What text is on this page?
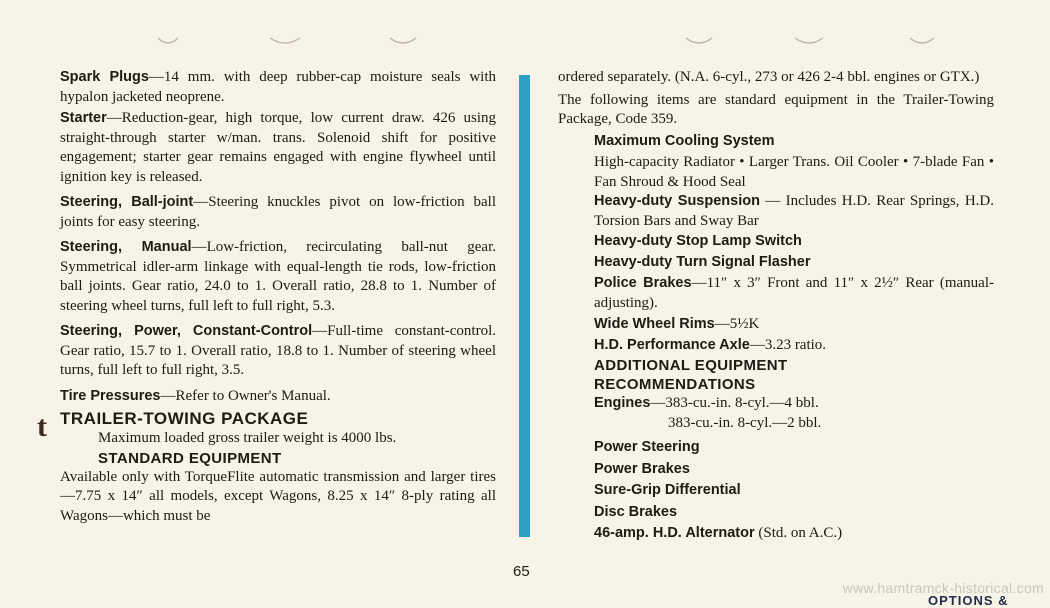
Spark Plugs—14 mm. with deep rubber-cap moisture seals with hypalon jacketed neoprene.
Starter—Reduction-gear, high torque, low current draw. 426 using straight-through starter w/man. trans. Solenoid shift for positive engagement; starter gear remains engaged with engine flywheel until ignition key is released.
Steering, Ball-joint—Steering knuckles pivot on low-friction ball joints for easy steering.
Steering, Manual—Low-friction, recirculating ball-nut gear. Symmetrical idler-arm linkage with equal-length tie rods, low-friction ball joints. Gear ratio, 24.0 to 1. Overall ratio, 28.8 to 1. Number of steering wheel turns, full left to full right, 5.3.
Steering, Power, Constant-Control—Full-time constant-control. Gear ratio, 15.7 to 1. Overall ratio, 18.8 to 1. Number of steering wheel turns, full left to full right, 3.5.
Tire Pressures—Refer to Owner's Manual.
TRAILER-TOWING PACKAGE
Maximum loaded gross trailer weight is 4000 lbs.
STANDARD EQUIPMENT
Available only with TorqueFlite automatic transmission and larger tires—7.75 x 14″ all models, except Wagons, 8.25 x 14″ 8-ply rating all Wagons—which must be
t
ordered separately. (N.A. 6-cyl., 273 or 426 2-4 bbl. engines or GTX.)
The following items are standard equipment in the Trailer-Towing Package, Code 359.
Maximum Cooling System
High-capacity Radiator • Larger Trans. Oil Cooler • 7-blade Fan • Fan Shroud & Hood Seal
Heavy-duty Suspension — Includes H.D. Rear Springs, H.D. Torsion Bars and Sway Bar
Heavy-duty Stop Lamp Switch
Heavy-duty Turn Signal Flasher
Police Brakes—11″ x 3″ Front and 11″ x 2½″ Rear (manual-adjusting).
Wide Wheel Rims—5½K
H.D. Performance Axle—3.23 ratio.
ADDITIONAL EQUIPMENT
RECOMMENDATIONS
Engines—383-cu.-in. 8-cyl.—4 bbl.
383-cu.-in. 8-cyl.—2 bbl.
Power Steering
Power Brakes
Sure-Grip Differential
Disc Brakes
46-amp. H.D. Alternator (Std. on A.C.)
65
www.hamtramck-historical.com
OPTIONS &
